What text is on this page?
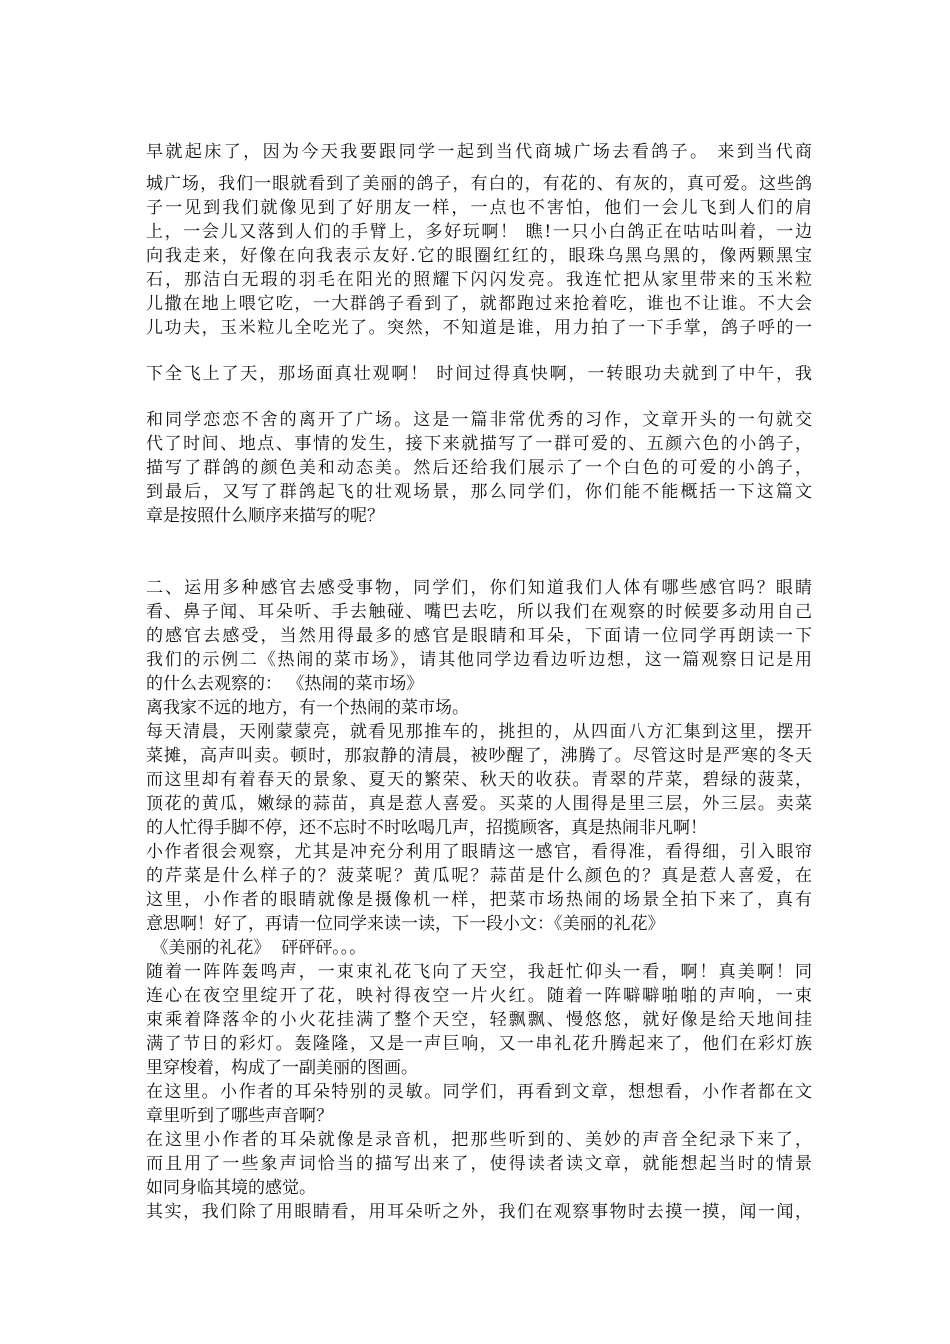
早就起床了，因为今天我要跟同学一起到当代商城广场去看鸽子。 来到当代商
城广场，我们一眼就看到了美丽的鸽子，有白的，有花的、有灰的，真可爱。这些鸽
子一见到我们就像见到了好朋友一样，一点也不害怕，他们一会儿飞到人们的肩
上，一会儿又落到人们的手臂上，多好玩啊！ 瞧!一只小白鸽正在咕咕叫着，一边
向我走来，好像在向我表示友好.它的眼圈红红的，眼珠乌黑乌黑的，像两颗黑宝
石，那洁白无瑕的羽毛在阳光的照耀下闪闪发亮。我连忙把从家里带来的玉米粒
儿撒在地上喂它吃，一大群鸽子看到了，就都跑过来抢着吃，谁也不让谁。不大会
儿功夫，玉米粒儿全吃光了。突然，不知道是谁，用力拍了一下手掌，鸽子呼的一
下全飞上了天，那场面真壮观啊！ 时间过得真快啊，一转眼功夫就到了中午，我
和同学恋恋不舍的离开了广场。这是一篇非常优秀的习作，文章开头的一句就交
代了时间、地点、事情的发生，接下来就描写了一群可爱的、五颜六色的小鸽子，
描写了群鸽的颜色美和动态美。然后还给我们展示了一个白色的可爱的小鸽子，
到最后，又写了群鸽起飞的壮观场景，那么同学们，你们能不能概括一下这篇文
章是按照什么顺序来描写的呢？
二、运用多种感官去感受事物，同学们，你们知道我们人体有哪些感官吗？眼睛
看、鼻子闻、耳朵听、手去触碰、嘴巴去吃，所以我们在观察的时候要多动用自己
的感官去感受，当然用得最多的感官是眼睛和耳朵，下面请一位同学再朗读一下
我们的示例二《热闹的菜市场》，请其他同学边看边听边想，这一篇观察日记是用
的什么去观察的： 《热闹的菜市场》
离我家不远的地方，有一个热闹的菜市场。
每天清晨，天刚蒙蒙亮，就看见那推车的，挑担的，从四面八方汇集到这里，摆开
菜摊，高声叫卖。顿时，那寂静的清晨，被吵醒了，沸腾了。尽管这时是严寒的冬天
而这里却有着春天的景象、夏天的繁荣、秋天的收获。青翠的芹菜，碧绿的菠菜，
顶花的黄瓜，嫩绿的蒜苗，真是惹人喜爱。买菜的人围得是里三层，外三层。卖菜
的人忙得手脚不停，还不忘时不时吆喝几声，招揽顾客，真是热闹非凡啊！
小作者很会观察，尤其是冲充分利用了眼睛这一感官，看得准，看得细，引入眼帘
的芹菜是什么样子的？菠菜呢？黄瓜呢？蒜苗是什么颜色的？真是惹人喜爱，在
这里，小作者的眼睛就像是摄像机一样，把菜市场热闹的场景全拍下来了，真有
意思啊！好了，再请一位同学来读一读，下一段小文：《美丽的礼花》
《美丽的礼花》  砰砰砰。。。
随着一阵阵轰鸣声，一束束礼花飞向了天空，我赶忙仰头一看，啊！真美啊！同
连心在夜空里绽开了花，映衬得夜空一片火红。随着一阵噼噼啪啪的声响，一束
束乘着降落伞的小火花挂满了整个天空，轻飘飘、慢悠悠，就好像是给天地间挂
满了节日的彩灯。轰隆隆，又是一声巨响，又一串礼花升腾起来了，他们在彩灯族
里穿梭着，构成了一副美丽的图画。
在这里。小作者的耳朵特别的灵敏。同学们，再看到文章，想想看，小作者都在文
章里听到了哪些声音啊？
在这里小作者的耳朵就像是录音机，把那些听到的、美妙的声音全纪录下来了，
而且用了一些象声词恰当的描写出来了，使得读者读文章，就能想起当时的情景
如同身临其境的感觉。
其实，我们除了用眼睛看，用耳朵听之外，我们在观察事物时去摸一摸，闻一闻，
